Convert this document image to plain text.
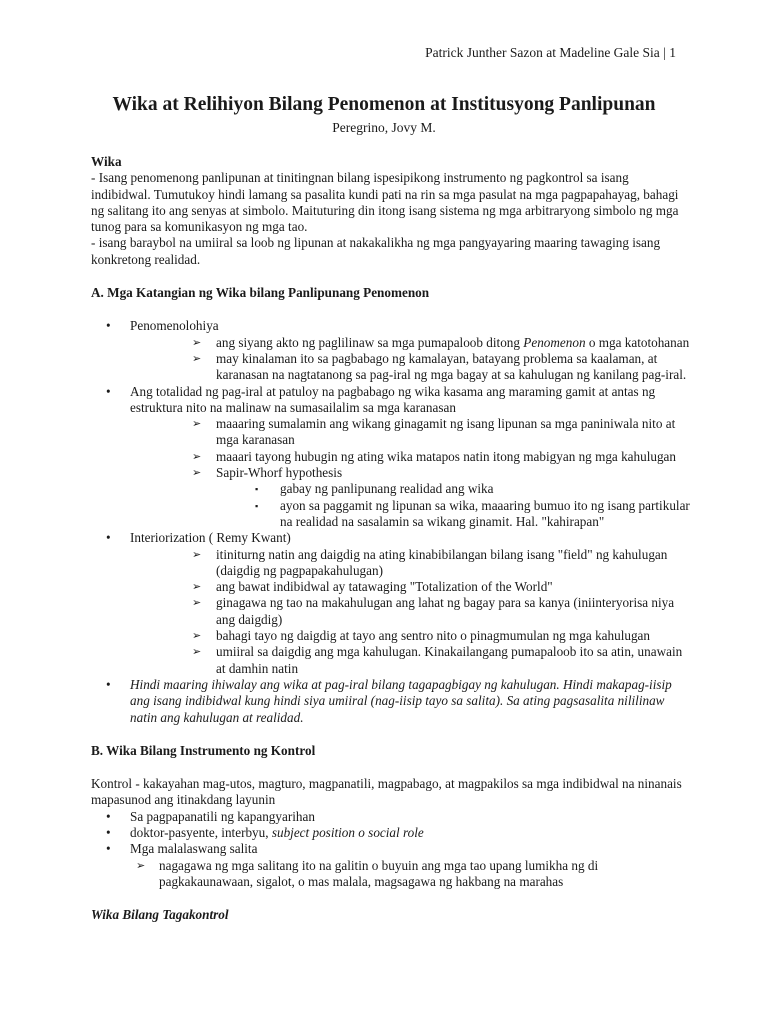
Patrick Junther Sazon at Madeline Gale Sia | 1
Wika at Relihiyon Bilang Penomenon at Institusyong Panlipunan
Peregrino, Jovy M.

Wika

- Isang penomenong panlipunan at tinitingnan bilang ispesipikong instrumento ng pagkontrol sa isang indibidwal. Tumutukoy hindi lamang sa pasalita kundi pati na rin sa mga pasulat na mga pagpapahayag, bahagi ng salitang ito ang senyas at simbolo. Maituturing din itong isang sistema ng mga arbitraryong simbolo ng mga tunog para sa komunikasyon ng mga tao.

- isang baraybol na umiiral sa loob ng lipunan at nakakalikha ng mga pangyayaring maaring tawaging isang konkretong realidad.

A. Mga Katangian ng Wika bilang Panlipunang Penomenon

• Penomenolohiya
➢ ang siyang akto ng paglilinaw sa mga pumapaloob ditong Penomenon o mga katotohanan
➢ may kinalaman ito sa pagbabago ng kamalayan, batayang problema sa kaalaman, at karanasan na nagtatanong sa pag-iral ng mga bagay at sa kahulugan ng kanilang pag-iral.
• Ang totalidad ng pag-iral at patuloy na pagbabago ng wika kasama ang maraming gamit at antas ng estruktura nito na malinaw na sumasailalim sa mga karanasan
➢ maaaring sumalamin ang wikang ginagamit ng isang lipunan sa mga paniniwala nito at mga karanasan
➢ maaari tayong hubugin ng ating wika matapos natin itong mabigyan ng mga kahulugan
➢ Sapir-Whorf hypothesis
▪ gabay ng panlipunang realidad ang wika
▪ ayon sa paggamit ng lipunan sa wika, maaaring bumuo ito ng isang partikular na realidad na sasalamin sa wikang ginamit. Hal. "kahirapan"
• Interiorization ( Remy Kwant)
➢ itiniturng natin ang daigdig na ating kinabibilangan bilang isang "field" ng kahulugan (daigdig ng pagpapakahulugan)
➢ ang bawat indibidwal ay tatawaging "Totalization of the World"
➢ ginagawa ng tao na makahulugan ang lahat ng bagay para sa kanya (iniinteryorisa niya ang daigdig)
➢ bahagi tayo ng daigdig at tayo ang sentro nito o pinagmumulan ng mga kahulugan
➢ umiiral sa daigdig ang mga kahulugan. Kinakailangang pumapaloob ito sa atin, unawain at damhin natin
• Hindi maaring ihiwalay ang wika at pag-iral bilang tagapagbigay ng kahulugan. Hindi makapag-iisip ang isang indibidwal kung hindi siya umiiral (nag-iisip tayo sa salita). Sa ating pagsasalita nililinaw natin ang kahulugan at realidad.

B. Wika Bilang Instrumento ng Kontrol

Kontrol - kakayahan mag-utos, magturo, magpanatili, magpabago, at magpakilos sa mga indibidwal na ninanais mapasunod ang itinakdang layunin

• Sa pagpapanatili ng kapangyarihan
• doktor-pasyente, interbyu, subject position o social role
• Mga malalaswang salita
➢ nagagawa ng mga salitang ito na galitin o buyuin ang mga tao upang lumikha ng di pagkakaunawaan, sigalot, o mas malala, magsagawa ng hakbang na marahas

Wika Bilang Tagakontrol
